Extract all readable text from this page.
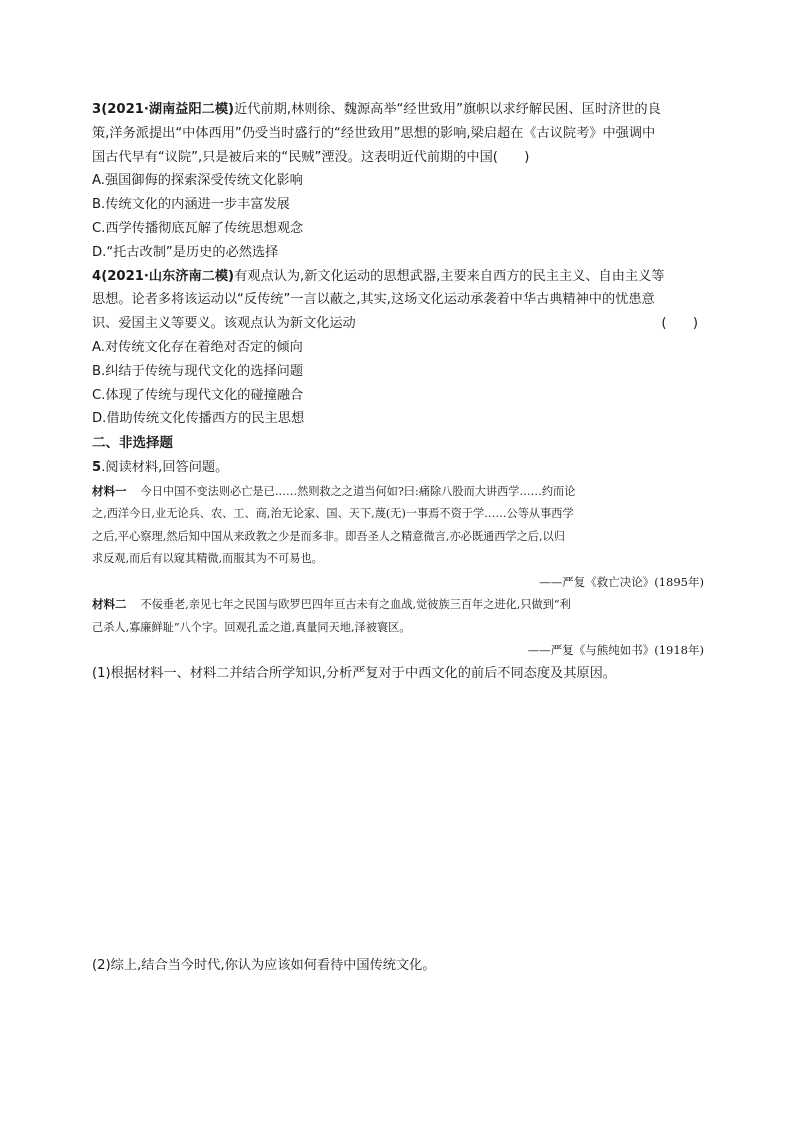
3(2021·湖南益阳二模)近代前期,林则徐、魏源高举“经世致用”旗帜以求纾解民困、匡时济世的良
策,洋务派提出“中体西用”仍受当时盛行的“经世致用”思想的影响,梁启超在《古议院考》中强调中
国古代早有“议院”,只是被后来的“民贼”湮没。这表明近代前期的中国(　　)
A.强国御侮的探索深受传统文化影响
B.传统文化的内涵进一步丰富发展
C.西学传播彻底瓦解了传统思想观念
D.“托古改制”是历史的必然选择
4(2021·山东济南二模)有观点认为,新文化运动的思想武器,主要来自西方的民主主义、自由主义等
思想。论者多将该运动以“反传统”一言以蔽之,其实,这场文化运动承袭着中华古典精神中的忧患意
识、爱国主义等要义。该观点认为新文化运动	(　　)
A.对传统文化存在着绝对否定的倾向
B.纠结于传统与现代文化的选择问题
C.体现了传统与现代文化的碰撞融合
D.借助传统文化传播西方的民主思想
二、非选择题
5.阅读材料,回答问题。
材料一 今日中国不变法则必亡是已……然则救之之道当何如?曰:痛除八股而大讲西学……约而论
之,西洋今日,业无论兵、农、工、商,治无论家、国、天下,蔑(无)一事焉不资于学……公等从事西学
之后,平心察理,然后知中国从来政教之少是而多非。即吾圣人之精意微言,亦必既通西学之后,以归
求反观,而后有以窥其精微,而服其为不可易也。
——严复《救亡决论》(1895年)
材料二 不佞垂老,亲见七年之民国与欧罗巴四年亘古未有之血战,觉彼族三百年之进化,只做到“利
己杀人,寡廉鲜耻”八个字。回观孔孟之道,真量同天地,泽被寰区。
——严复《与熊纯如书》(1918年)
(1)根据材料一、材料二并结合所学知识,分析严复对于中西文化的前后不同态度及其原因。
(2)综上,结合当今时代,你认为应该如何看待中国传统文化。
